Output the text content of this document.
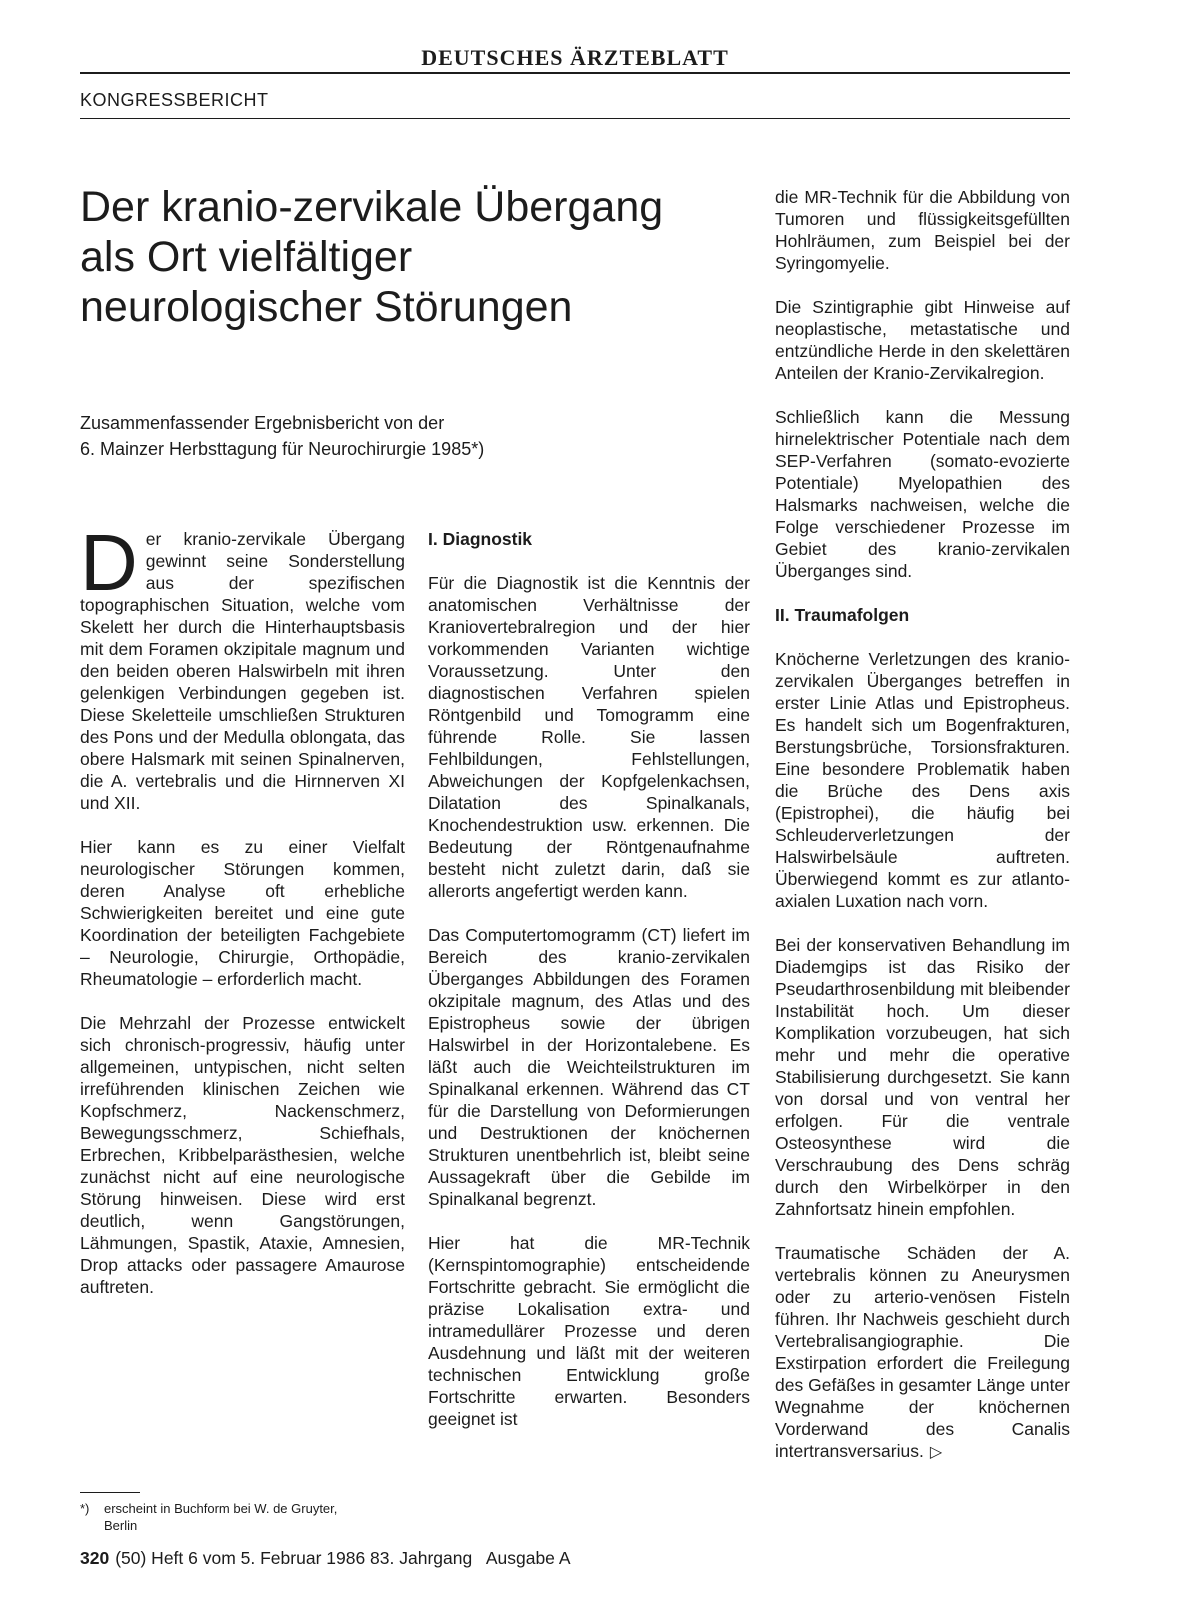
DEUTSCHES ÄRZTEBLATT
KONGRESSBERICHT
Der kranio-zervikale Übergang
als Ort vielfältiger
neurologischer Störungen

Zusammenfassender Ergebnisbericht von der
6. Mainzer Herbsttagung für Neurochirurgie 1985*)

Der kranio-zervikale Übergang gewinnt seine Sonderstellung aus der spezifischen topographischen Situation, welche vom Skelett her durch die Hinterhauptsbasis mit dem Foramen okzipitale magnum und den beiden oberen Halswirbeln mit ihren gelenkigen Verbindungen gegeben ist. Diese Skeletteile umschließen Strukturen des Pons und der Medulla oblongata, das obere Halsmark mit seinen Spinalnerven, die A. vertebralis und die Hirnnerven XI und XII.

Hier kann es zu einer Vielfalt neurologischer Störungen kommen, deren Analyse oft erhebliche Schwierigkeiten bereitet und eine gute Koordination der beteiligten Fachgebiete – Neurologie, Chirurgie, Orthopädie, Rheumatologie – erforderlich macht.

Die Mehrzahl der Prozesse entwickelt sich chronisch-progressiv, häufig unter allgemeinen, untypischen, nicht selten irreführenden klinischen Zeichen wie Kopfschmerz, Nackenschmerz, Bewegungsschmerz, Schiefhals, Erbrechen, Kribbelparästhesien, welche zunächst nicht auf eine neurologische Störung hinweisen. Diese wird erst deutlich, wenn Gangstörungen, Lähmungen, Spastik, Ataxie, Amnesien, Drop attacks oder passagere Amaurose auftreten.

I. Diagnostik

Für die Diagnostik ist die Kenntnis der anatomischen Verhältnisse der Kraniovertebralregion und der hier vorkommenden Varianten wichtige Voraussetzung. Unter den diagnostischen Verfahren spielen Röntgenbild und Tomogramm eine führende Rolle. Sie lassen Fehlbildungen, Fehlstellungen, Abweichungen der Kopfgelenkachsen, Dilatation des Spinalkanals, Knochendestruktion usw. erkennen. Die Bedeutung der Röntgenaufnahme besteht nicht zuletzt darin, daß sie allerorts angefertigt werden kann.

Das Computertomogramm (CT) liefert im Bereich des kranio-zervikalen Überganges Abbildungen des Foramen okzipitale magnum, des Atlas und des Epistropheus sowie der übrigen Halswirbel in der Horizontalebene. Es läßt auch die Weichteilstrukturen im Spinalkanal erkennen. Während das CT für die Darstellung von Deformierungen und Destruktionen der knöchernen Strukturen unentbehrlich ist, bleibt seine Aussagekraft über die Gebilde im Spinalkanal begrenzt.

Hier hat die MR-Technik (Kernspintomographie) entscheidende Fortschritte gebracht. Sie ermöglicht die präzise Lokalisation extra- und intramedullärer Prozesse und deren Ausdehnung und läßt mit der weiteren technischen Entwicklung große Fortschritte erwarten. Besonders geeignet ist

die MR-Technik für die Abbildung von Tumoren und flüssigkeitsgefüllten Hohlräumen, zum Beispiel bei der Syringomyelie.

Die Szintigraphie gibt Hinweise auf neoplastische, metastatische und entzündliche Herde in den skelettären Anteilen der Kranio-Zervikalregion.

Schließlich kann die Messung hirnelektrischer Potentiale nach dem SEP-Verfahren (somato-evozierte Potentiale) Myelopathien des Halsmarks nachweisen, welche die Folge verschiedener Prozesse im Gebiet des kranio-zervikalen Überganges sind.

II. Traumafolgen

Knöcherne Verletzungen des kranio-zervikalen Überganges betreffen in erster Linie Atlas und Epistropheus. Es handelt sich um Bogenfrakturen, Berstungsbrüche, Torsionsfrakturen. Eine besondere Problematik haben die Brüche des Dens axis (Epistrophei), die häufig bei Schleuderverletzungen der Halswirbelsäule auftreten. Überwiegend kommt es zur atlanto-axialen Luxation nach vorn.

Bei der konservativen Behandlung im Diademgips ist das Risiko der Pseudarthrosenbildung mit bleibender Instabilität hoch. Um dieser Komplikation vorzubeugen, hat sich mehr und mehr die operative Stabilisierung durchgesetzt. Sie kann von dorsal und von ventral her erfolgen. Für die ventrale Osteosynthese wird die Verschraubung des Dens schräg durch den Wirbelkörper in den Zahnfortsatz hinein empfohlen.

Traumatische Schäden der A. vertebralis können zu Aneurysmen oder zu arterio-venösen Fisteln führen. Ihr Nachweis geschieht durch Vertebralisangiographie. Die Exstirpation erfordert die Freilegung des Gefäßes in gesamter Länge unter Wegnahme der knöchernen Vorderwand des Canalis intertransversarius. ▷

*) erscheint in Buchform bei W. de Gruyter,
Berlin
320 (50) Heft 6 vom 5. Februar 1986 83. Jahrgang   Ausgabe A
